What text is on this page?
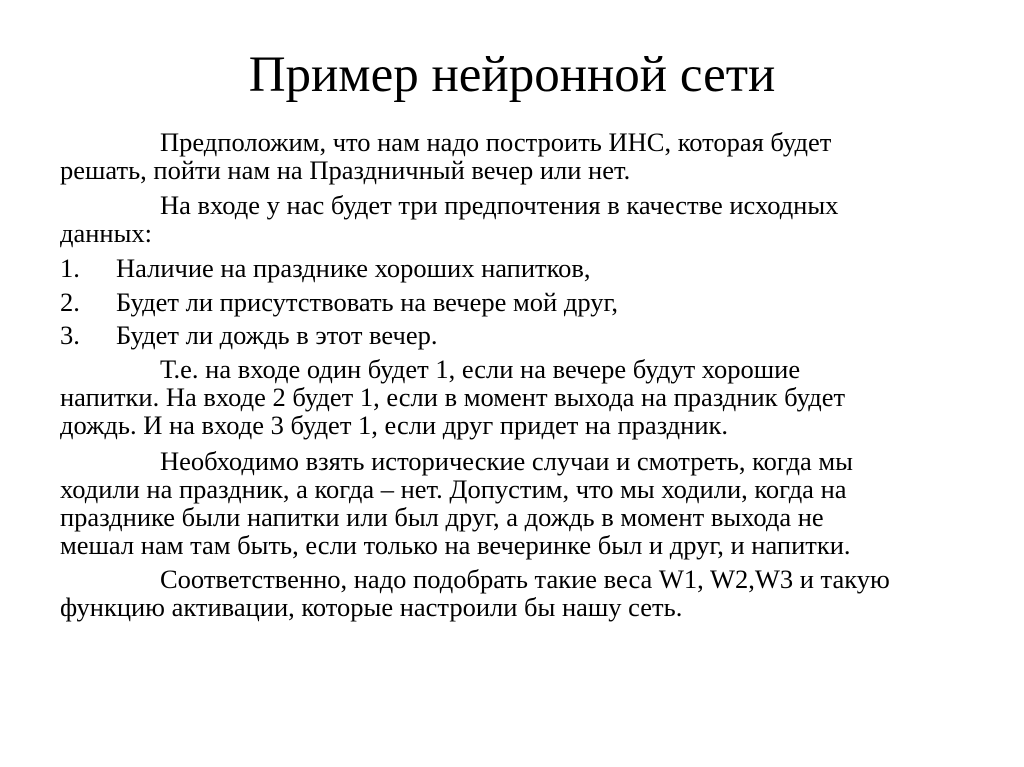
Пример нейронной сети
Предположим, что нам надо построить ИНС, которая будет
решать, пойти нам на Праздничный вечер или нет.
На входе у нас будет три предпочтения в качестве исходных
данных:
1. Наличие на празднике хороших напитков,
2. Будет ли присутствовать на вечере мой друг,
3. Будет ли дождь в этот вечер.
Т.е. на входе один будет 1, если на вечере будут хорошие
напитки. На входе 2 будет 1, если в момент выхода на праздник будет
дождь. И на входе 3 будет 1, если друг придет на праздник.
Необходимо взять исторические случаи и смотреть, когда мы
ходили на праздник, а когда – нет. Допустим, что мы ходили, когда на
празднике были напитки или был друг, а дождь в момент выхода не
мешал нам там быть, если только на вечеринке был и друг, и напитки.
Соответственно, надо подобрать такие веса W1, W2,W3 и такую
функцию активации, которые настроили бы нашу сеть.
